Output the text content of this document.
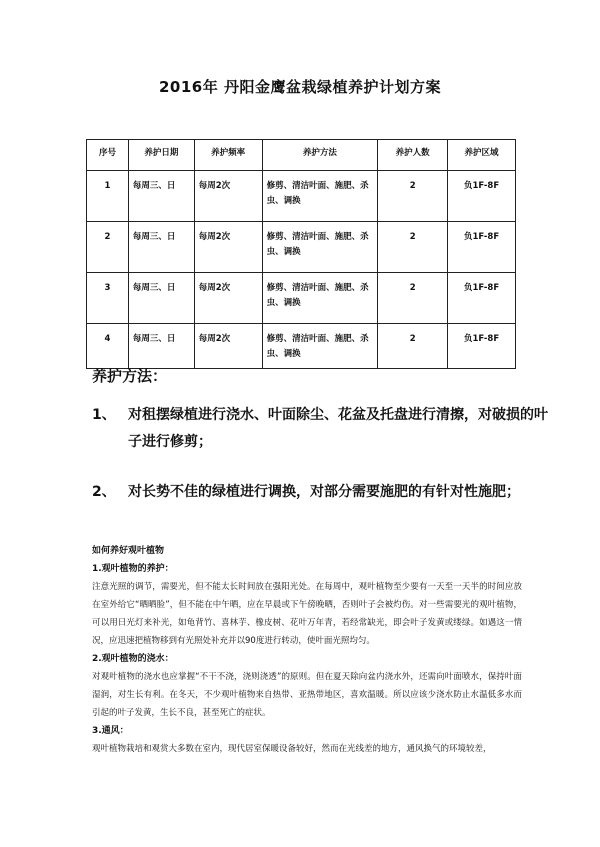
2016年 丹阳金鹰盆栽绿植养护计划方案
序号	养护日期	养护频率	养护方法	养护人数	养护区域
1	每周三、日	每周2次	修剪、清洁叶面、施肥、杀虫、调换	2	负1F-8F
2	每周三、日	每周2次	修剪、清洁叶面、施肥、杀虫、调换	2	负1F-8F
3	每周三、日	每周2次	修剪、清洁叶面、施肥、杀虫、调换	2	负1F-8F
4	每周三、日	每周2次	修剪、清洁叶面、施肥、杀虫、调换	2	负1F-8F
养护方法：
1、 对租摆绿植进行浇水、叶面除尘、花盆及托盘进行清擦，对破损的叶子进行修剪；
2、 对长势不佳的绿植进行调换，对部分需要施肥的有针对性施肥；

如何养好观叶植物

1.观叶植物的养护：

注意光照的调节，需要光，但不能太长时间放在强阳光处。在每周中，观叶植物至少要有一天至一天半的时间应放在室外给它“晒晒脸”，但不能在中午晒，应在早晨或下午傍晚晒，否则叶子会被灼伤。对一些需要光的观叶植物，可以用日光灯来补光，如龟背竹、喜林芋、橡皮树、花叶万年青，若经常缺光，即会叶子发黄或缕绿。如遇这一情况，应迅速把植物移到有光照处补充并以90度进行转动，使叶面光照均匀。

2.观叶植物的浇水：

对观叶植物的浇水也应掌握“不干不浇，浇则浇透”的原则。但在夏天除向盆内浇水外，还需向叶面喷水，保持叶面湿润，对生长有利。在冬天，不少观叶植物来自热带、亚热带地区，喜欢温暖。所以应该少浇水防止水温低多水而引起的叶子发黄，生长不良，甚至死亡的症状。

3.通风：

观叶植物栽培和观赏大多数在室内，现代居室保暖设备较好，然而在光线差的地方，通风换气的环境较差，
